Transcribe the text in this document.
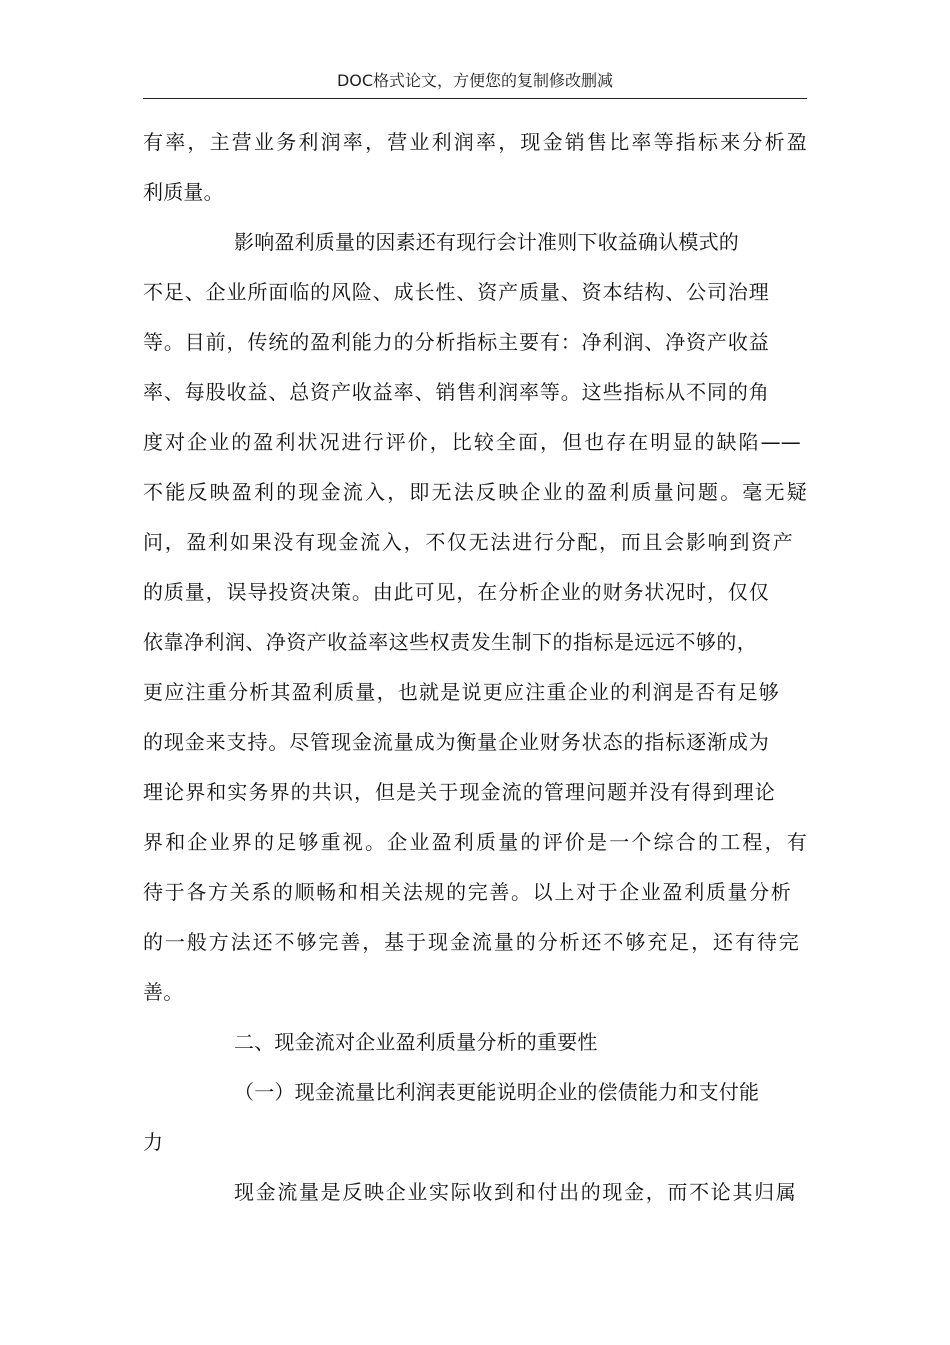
DOC格式论文，方便您的复制修改删减
有率，主营业务利润率，营业利润率，现金销售比率等指标来分析盈
利质量。
影响盈利质量的因素还有现行会计准则下收益确认模式的
不足、企业所面临的风险、成长性、资产质量、资本结构、公司治理
等。目前，传统的盈利能力的分析指标主要有：净利润、净资产收益
率、每股收益、总资产收益率、销售利润率等。这些指标从不同的角
度对企业的盈利状况进行评价，比较全面，但也存在明显的缺陷——
不能反映盈利的现金流入，即无法反映企业的盈利质量问题。毫无疑
问，盈利如果没有现金流入，不仅无法进行分配，而且会影响到资产
的质量，误导投资决策。由此可见，在分析企业的财务状况时，仅仅
依靠净利润、净资产收益率这些权责发生制下的指标是远远不够的，
更应注重分析其盈利质量，也就是说更应注重企业的利润是否有足够
的现金来支持。尽管现金流量成为衡量企业财务状态的指标逐渐成为
理论界和实务界的共识，但是关于现金流的管理问题并没有得到理论
界和企业界的足够重视。企业盈利质量的评价是一个综合的工程，有
待于各方关系的顺畅和相关法规的完善。以上对于企业盈利质量分析
的一般方法还不够完善，基于现金流量的分析还不够充足，还有待完
善。
二、现金流对企业盈利质量分析的重要性
（一）现金流量比利润表更能说明企业的偿债能力和支付能
力
现金流量是反映企业实际收到和付出的现金，而不论其归属
